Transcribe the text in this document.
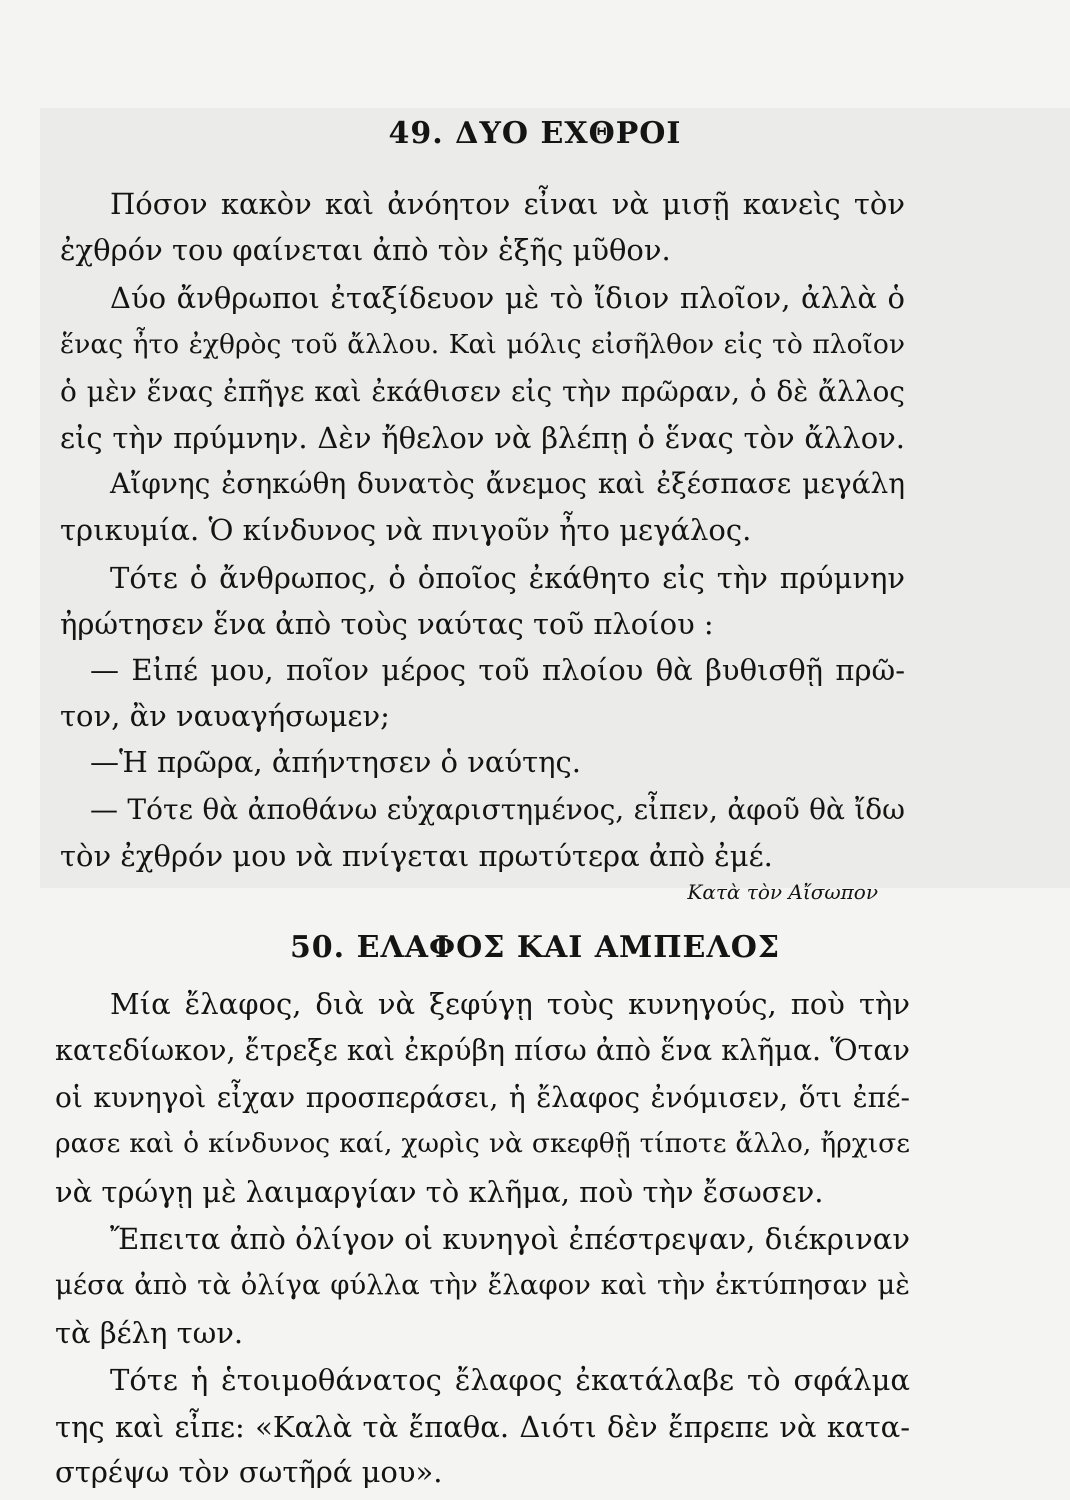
49. ΔΥΟ ΕΧΘΡΟΙ
Πόσον κακὸν καὶ ἀνόητον εἶναι νὰ μισῇ κανεὶς τὸν
ἐχθρόν του φαίνεται ἀπὸ τὸν ἑξῆς μῦθον.
Δύο ἄνθρωποι ἐταξίδευον μὲ τὸ ἴδιον πλοῖον, ἀλλὰ ὁ
ἕνας ἦτο ἐχθρὸς τοῦ ἄλλου. Καὶ μόλις εἰσῆλθον εἰς τὸ πλοῖον
ὁ μὲν ἕνας ἐπῆγε καὶ ἐκάθισεν εἰς τὴν πρῶραν, ὁ δὲ ἄλλος
εἰς τὴν πρύμνην. Δὲν ἤθελον νὰ βλέπῃ ὁ ἕνας τὸν ἄλλον.
Αἴφνης ἐσηκώθη δυνατὸς ἄνεμος καὶ ἐξέσπασε μεγάλη
τρικυμία. Ὁ κίνδυνος νὰ πνιγοῦν ἦτο μεγάλος.
Τότε ὁ ἄνθρωπος, ὁ ὁποῖος ἐκάθητο εἰς τὴν πρύμνην
ἠρώτησεν ἕνα ἀπὸ τοὺς ναύτας τοῦ πλοίου :
— Εἰπέ μου, ποῖον μέρος τοῦ πλοίου θὰ βυθισθῇ πρῶ-
τον, ἂν ναυαγήσωμεν;
—Ἡ πρῶρα, ἀπήντησεν ὁ ναύτης.
— Τότε θὰ ἀποθάνω εὐχαριστημένος, εἶπεν, ἀφοῦ θὰ ἴδω
τὸν ἐχθρόν μου νὰ πνίγεται πρωτύτερα ἀπὸ ἐμέ.
Κατὰ τὸν Αἴσωπον
50. ΕΛΑΦΟΣ ΚΑΙ ΑΜΠΕΛΟΣ
Μία ἔλαφος, διὰ νὰ ξεφύγῃ τοὺς κυνηγούς, ποὺ τὴν
κατεδίωκον, ἔτρεξε καὶ ἐκρύβη πίσω ἀπὸ ἕνα κλῆμα. Ὅταν
οἱ κυνηγοὶ εἶχαν προσπεράσει, ἡ ἔλαφος ἐνόμισεν, ὅτι ἐπέ-
ρασε καὶ ὁ κίνδυνος καί, χωρὶς νὰ σκεφθῇ τίποτε ἄλλο, ἤρχισε
νὰ τρώγῃ μὲ λαιμαργίαν τὸ κλῆμα, ποὺ τὴν ἔσωσεν.
Ἔπειτα ἀπὸ ὀλίγον οἱ κυνηγοὶ ἐπέστρεψαν, διέκριναν
μέσα ἀπὸ τὰ ὀλίγα φύλλα τὴν ἔλαφον καὶ τὴν ἐκτύπησαν μὲ
τὰ βέλη των.
Τότε ἡ ἑτοιμοθάνατος ἔλαφος ἐκατάλαβε τὸ σφάλμα
της καὶ εἶπε: «Καλὰ τὰ ἔπαθα. Διότι δὲν ἔπρεπε νὰ κατα-
στρέψω τὸν σωτῆρά μου».
